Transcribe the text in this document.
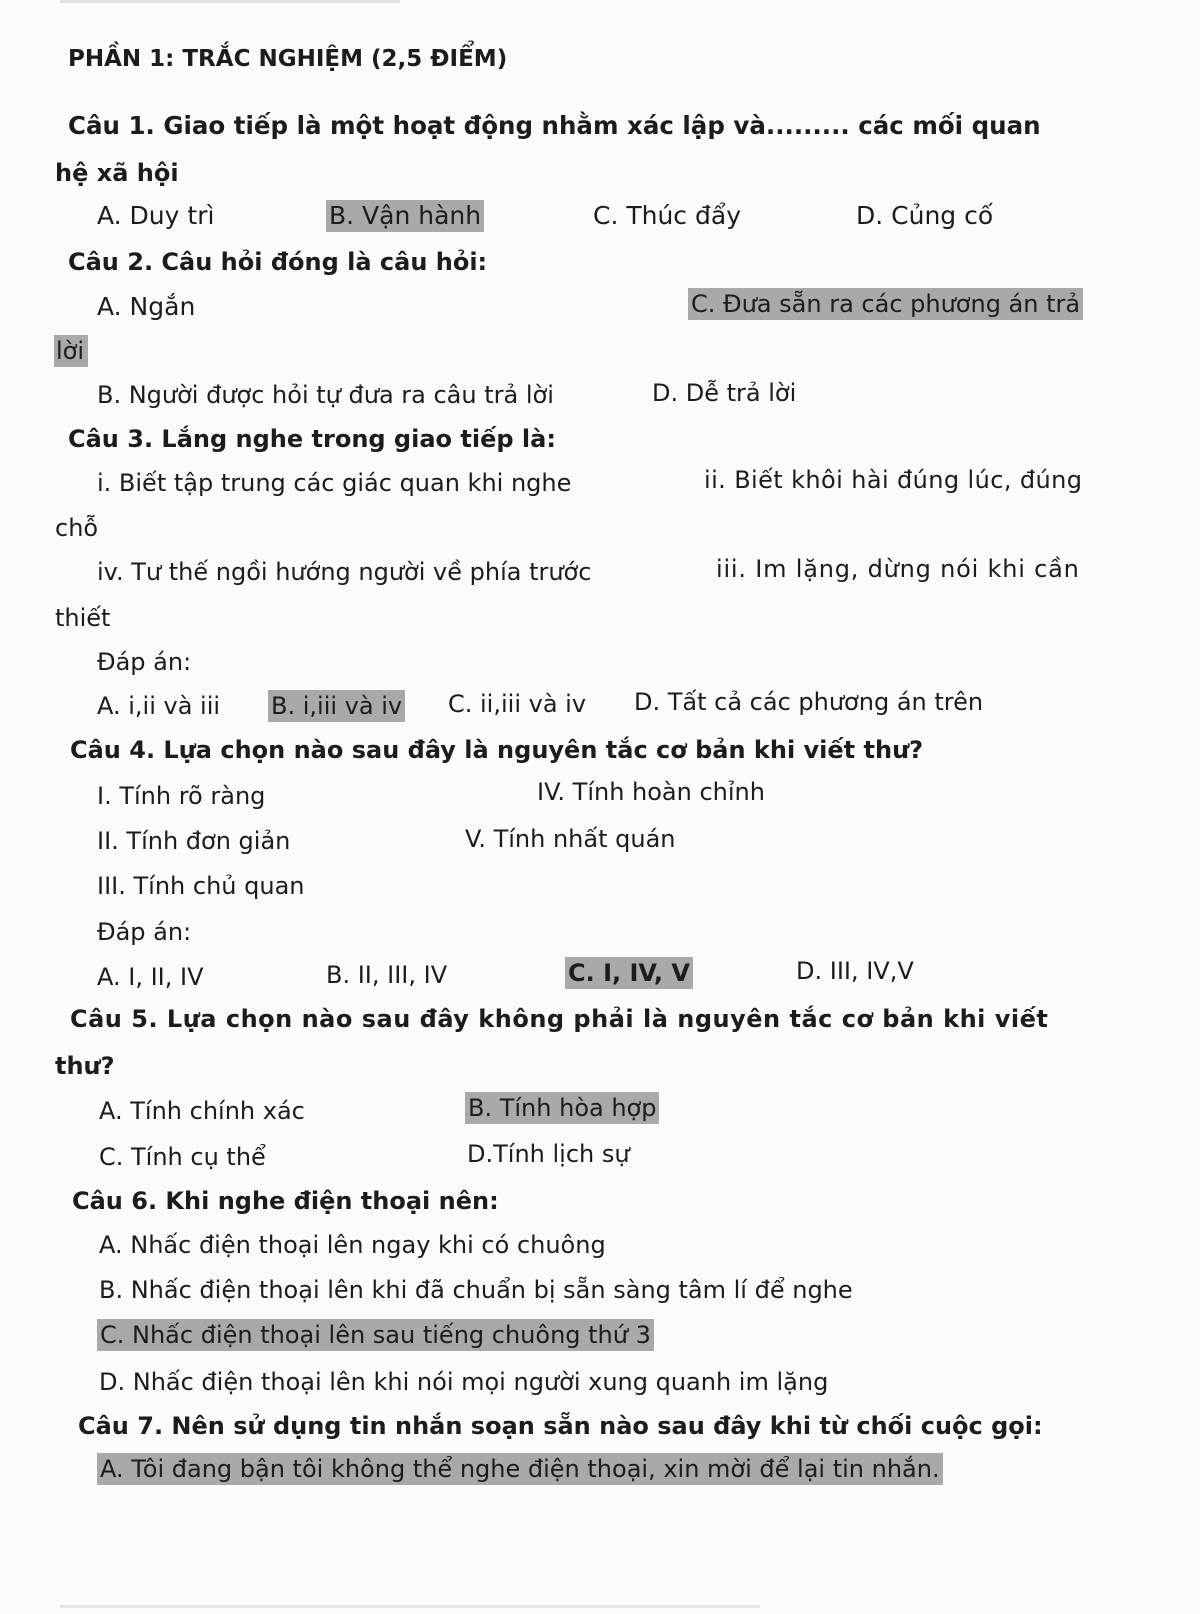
PHẦN 1: TRẮC NGHIỆM (2,5 ĐIỂM)
Câu 1. Giao tiếp là một hoạt động nhằm xác lập và......... các mối quan
hệ xã hội
A. Duy trì	B. Vận hành	C. Thúc đẩy	D. Củng cố
Câu 2. Câu hỏi đóng là câu hỏi:
A. Ngắn	C. Đưa sẵn ra các phương án trả
lời
B. Người được hỏi tự đưa ra câu trả lời	D. Dễ trả lời
Câu 3. Lắng nghe trong giao tiếp là:
i. Biết tập trung các giác quan khi nghe	ii. Biết khôi hài đúng lúc, đúng
chỗ
iv. Tư thế ngồi hướng người về phía trước	iii. Im lặng, dừng nói khi cần
thiết
Đáp án:
A. i,ii và iii B. i,iii và iv C. ii,iii và iv D. Tất cả các phương án trên
Câu 4. Lựa chọn nào sau đây là nguyên tắc cơ bản khi viết thư?
I. Tính rõ ràng	IV. Tính hoàn chỉnh
II. Tính đơn giản	V. Tính nhất quán
III. Tính chủ quan
Đáp án:
A. I, II, IV	B. II, III, IV	C. I, IV, V	D. III, IV,V
Câu 5. Lựa chọn nào sau đây không phải là nguyên tắc cơ bản khi viết
thư?
A. Tính chính xác	B. Tính hòa hợp
C. Tính cụ thể	D.Tính lịch sự
Câu 6. Khi nghe điện thoại nên:
A. Nhấc điện thoại lên ngay khi có chuông
B. Nhấc điện thoại lên khi đã chuẩn bị sẵn sàng tâm lí để nghe
C. Nhấc điện thoại lên sau tiếng chuông thứ 3
D. Nhấc điện thoại lên khi nói mọi người xung quanh im lặng
Câu 7. Nên sử dụng tin nhắn soạn sẵn nào sau đây khi từ chối cuộc gọi:
A. Tôi đang bận tôi không thể nghe điện thoại, xin mời để lại tin nhắn.
